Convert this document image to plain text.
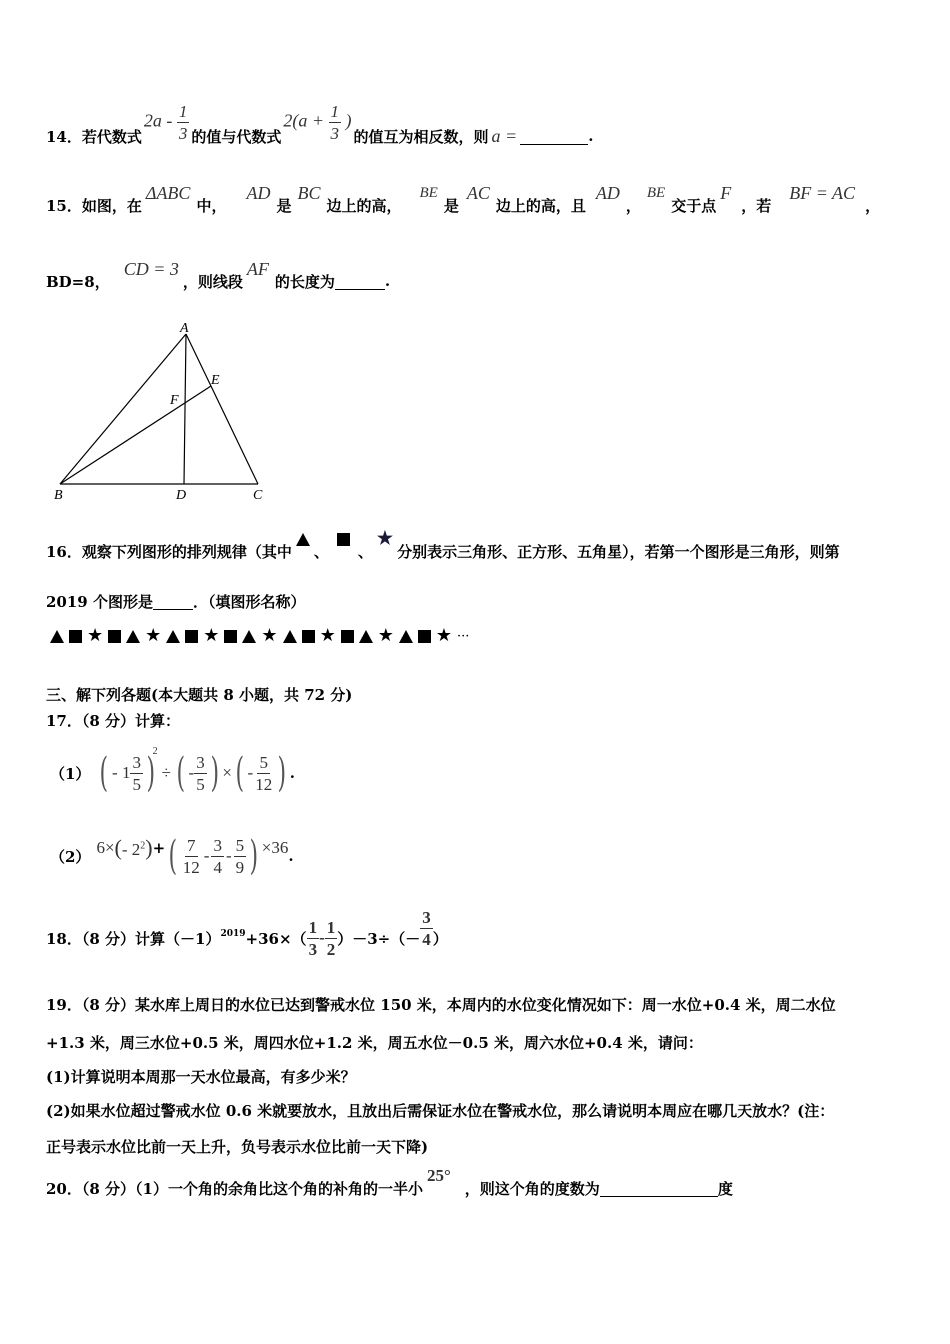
14．若代数式
$2a - \frac{1}{3}$ 的值与代数式
$2(a + \frac{1}{3}$ )
的值互为相反数，则 a =	.
15．如图，在
ΔABC
中，
AD
是
BC
边上的高，
BE
是
AC
边上的高，且
AD
，
BE
交于点
F
，若
BF = AC
，
BD=8，
CD = 3
，则线段
AF
的长度为	.
A
B	C
D
E
F
16．观察下列图形的排列规律（其中 、 、
★
分别表示三角形、正方形、五角星），若第一个图形是三角形，则第
2019 个图形是	．（填图形名称）
★ ★ ★ ★ ★ ★ ★ ···
三、解下列各题(本大题共 8 小题，共 72 分)
17．（8 分）计算：
（1） ( - $1 \frac{3}{5}$ )
2
÷ ( - $\frac{3}{5}$ ) × ( - $\frac{5}{12}$ ) .
（2） 6× (- $2^2$) + ( $\frac{7}{12} - \frac{3}{4} - \frac{5}{9}$ ) ×36 .
18．（8 分）计算$(-1)^{2019} +36\times( \frac{1}{3} - \frac{1}{2} )-3\div(- \frac{3}{4}$ ）
19．（8 分）某水库上周日的水位已达到警戒水位 150 米，本周内的水位变化情况如下：周一水位+0.4 米，周二水位
+1.3 米，周三水位+0.5 米，周四水位+1.2 米，周五水位－0.5 米，周六水位+0.4 米，请问：
(1)计算说明本周那一天水位最高，有多少米？
(2)如果水位超过警戒水位 0.6 米就要放水，且放出后需保证水位在警戒水位，那么请说明本周应在哪几天放水？(注：
正号表示水位比前一天上升，负号表示水位比前一天下降)
20．（8 分）（1）一个角的余角比这个角的补角的一半小
25°
，则这个角的度数为	度
